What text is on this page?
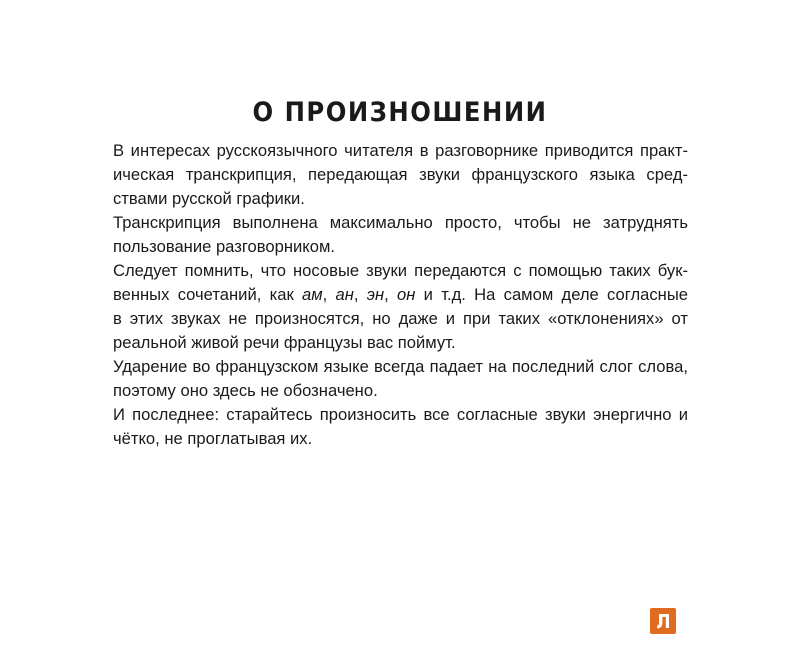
О ПРОИЗНОШЕНИИ
В интересах русскоязычного читателя в разговорнике приводится практ-
ическая транскрипция, передающая звуки французского языка сред-
ствами русской графики.
Транскрипция выполнена максимально просто, чтобы не затруднять
пользование разговорником.
Следует помнить, что носовые звуки передаются с помощью таких бук-
венных сочетаний, как ам, ан, эн, он и т.д. На самом деле согласные
в этих звуках не произносятся, но даже и при таких «отклонениях» от
реальной живой речи французы вас поймут.
Ударение во французском языке всегда падает на последний слог слова,
поэтому оно здесь не обозначено.
И последнее: старайтесь произносить все согласные звуки энергично и
чётко, не проглатывая их.
